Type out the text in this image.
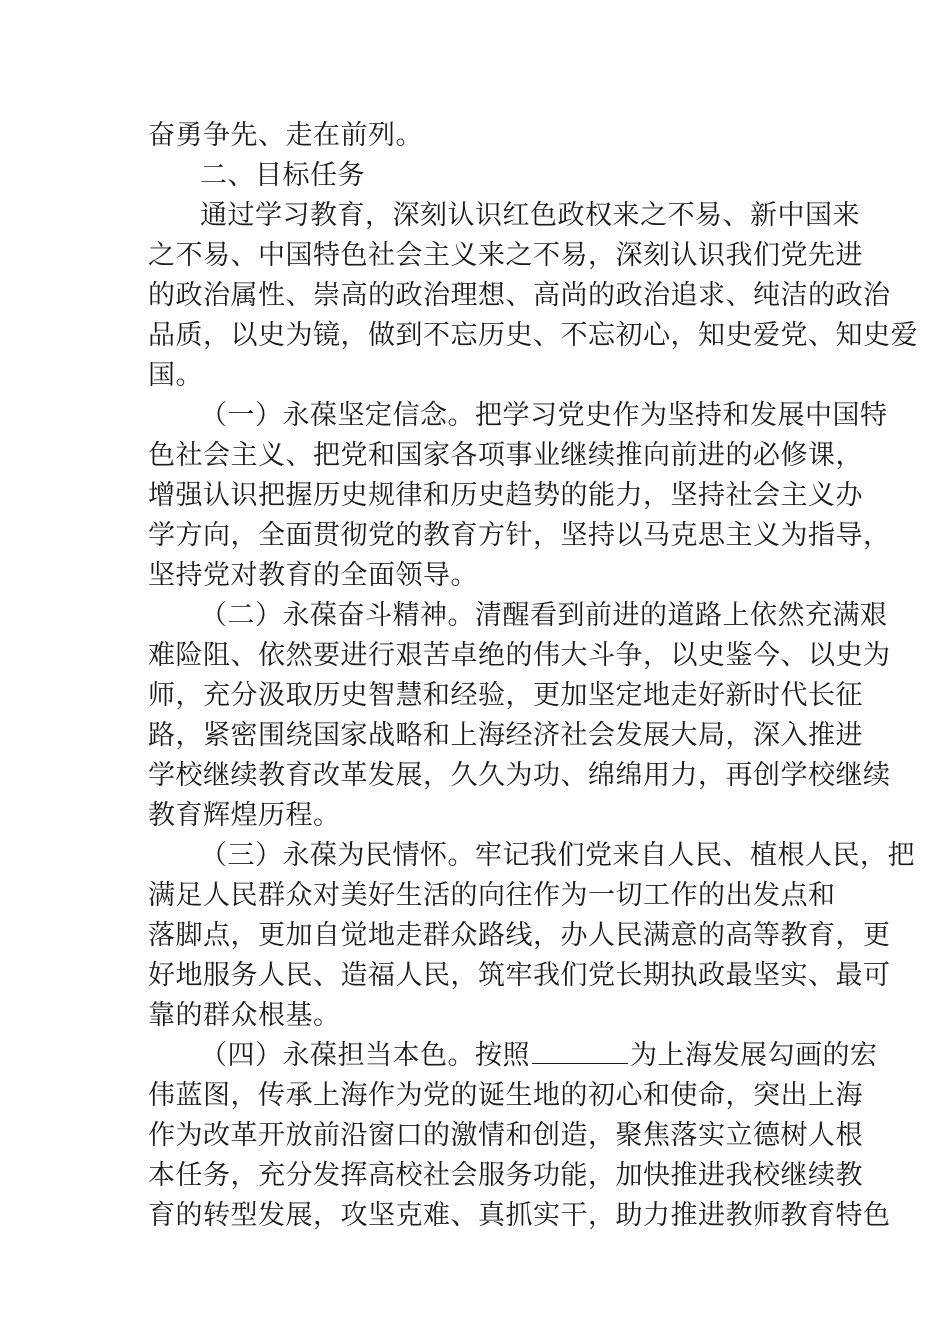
奋勇争先、走在前列。
二、目标任务
通过学习教育，深刻认识红色政权来之不易、新中国来
之不易、中国特色社会主义来之不易，深刻认识我们党先进
的政治属性、崇高的政治理想、高尚的政治追求、纯洁的政治
品质，以史为镜，做到不忘历史、不忘初心，知史爱党、知史爱
国。
（一）永葆坚定信念。把学习党史作为坚持和发展中国特
色社会主义、把党和国家各项事业继续推向前进的必修课，
增强认识把握历史规律和历史趋势的能力，坚持社会主义办
学方向，全面贯彻党的教育方针，坚持以马克思主义为指导，
坚持党对教育的全面领导。
（二）永葆奋斗精神。清醒看到前进的道路上依然充满艰
难险阻、依然要进行艰苦卓绝的伟大斗争，以史鉴今、以史为
师，充分汲取历史智慧和经验，更加坚定地走好新时代长征
路，紧密围绕国家战略和上海经济社会发展大局，深入推进
学校继续教育改革发展，久久为功、绵绵用力，再创学校继续
教育辉煌历程。
（三）永葆为民情怀。牢记我们党来自人民、植根人民，把
满足人民群众对美好生活的向往作为一切工作的出发点和
落脚点，更加自觉地走群众路线，办人民满意的高等教育，更
好地服务人民、造福人民，筑牢我们党长期执政最坚实、最可
靠的群众根基。
（四）永葆担当本色。按照	为上海发展勾画的宏
伟蓝图，传承上海作为党的诞生地的初心和使命，突出上海
作为改革开放前沿窗口的激情和创造，聚焦落实立德树人根
本任务，充分发挥高校社会服务功能，加快推进我校继续教
育的转型发展，攻坚克难、真抓实干，助力推进教师教育特色
